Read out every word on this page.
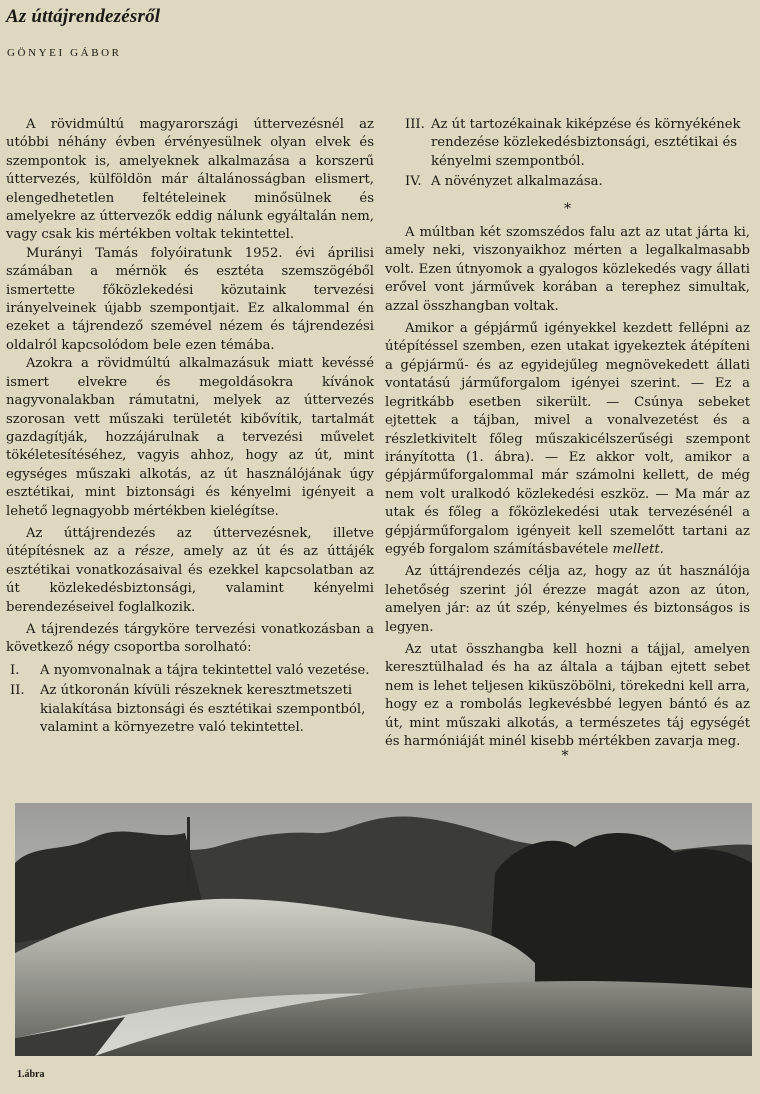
Az úttájrendezésről
GÖNYEI GÁBOR

A rövidmúltú magyarországi úttervezésnél az utóbbi néhány évben érvényesülnek olyan elvek és szempontok is, amelyeknek alkalmazása a korszerű úttervezés, külföldön már általánosságban elismert, elengedhetetlen feltételeinek minősülnek és amelyekre az úttervezők eddig nálunk egyáltalán nem, vagy csak kis mértékben voltak tekintettel.

Murányi Tamás folyóiratunk 1952. évi áprilisi számában a mérnök és esztéta szemszögéből ismertette főközlekedési közutaink tervezési irányelveinek újabb szempontjait. Ez alkalommal én ezeket a tájrendező szemével nézem és tájrendezési oldalról kapcsolódom bele ezen témába.

Azokra a rövidmúltú alkalmazásuk miatt kevéssé ismert elvekre és megoldásokra kívánok nagyvonalakban rámutatni, melyek az úttervezés szorosan vett műszaki területét kibővítik, tartalmát gazdagítják, hozzájárulnak a tervezési művelet tökéletesítéséhez, vagyis ahhoz, hogy az út, mint egységes műszaki alkotás, az út használójának úgy esztétikai, mint biztonsági és kényelmi igényeit a lehető legnagyobb mértékben kielégítse.

Az úttájrendezés az úttervezésnek, illetve útépítésnek az a része, amely az út és az úttájék esztétikai vonatkozásaival és ezekkel kapcsolatban az út közlekedésbiztonsági, valamint kényelmi berendezéseivel foglalkozik.

A tájrendezés tárgyköre tervezési vonatkozásban a következő négy csoportba sorolható:

I.	A nyomvonalnak a tájra tekintettel való vezetése.
II.	Az útkoronán kívüli részeknek keresztmetszeti kialakítása biztonsági és esztétikai szempontból, valamint a környezetre való tekintettel.
III. Az út tartozékainak kiképzése és környékének rendezése közlekedésbiztonsági, esztétikai és kényelmi szempontból.
IV. A növényzet alkalmazása.
*

A múltban két szomszédos falu azt az utat járta ki, amely neki, viszonyaikhoz mérten a legalkalmasabb volt. Ezen útnyomok a gyalogos közlekedés vagy állati erővel vont járművek korában a terephez simultak, azzal összhangban voltak.

Amikor a gépjármű igényekkel kezdett fellépni az útépítéssel szemben, ezen utakat igyekeztek átépíteni a gépjármű- és az egyidejűleg megnövekedett állati vontatású járműforgalom igényei szerint. — Ez a legritkább esetben sikerült. — Csúnya sebeket ejtettek a tájban, mivel a vonalvezetést és a részletkivitelt főleg műszakicélszerűségi szempont irányította (1. ábra). — Ez akkor volt, amikor a gépjárműforgalommal már számolni kellett, de még nem volt uralkodó közlekedési eszköz. — Ma már az utak és főleg a főközlekedési utak tervezésénél a gépjárműforgalom igényeit kell szemelőtt tartani az egyéb forgalom számításbavétele mellett.

Az úttájrendezés célja az, hogy az út használója lehetőség szerint jól érezze magát azon az úton, amelyen jár: az út szép, kényelmes és biztonságos is legyen.

Az utat összhangba kell hozni a tájjal, amelyen keresztülhalad és ha az általa a tájban ejtett sebet nem is lehet teljesen kiküszöbölni, törekedni kell arra, hogy ez a rombolás legkevésbbé legyen bántó és az út, mint műszaki alkotás, a természetes táj egységét és harmóniáját minél kisebb mértékben zavarja meg.

*
1.ábra
